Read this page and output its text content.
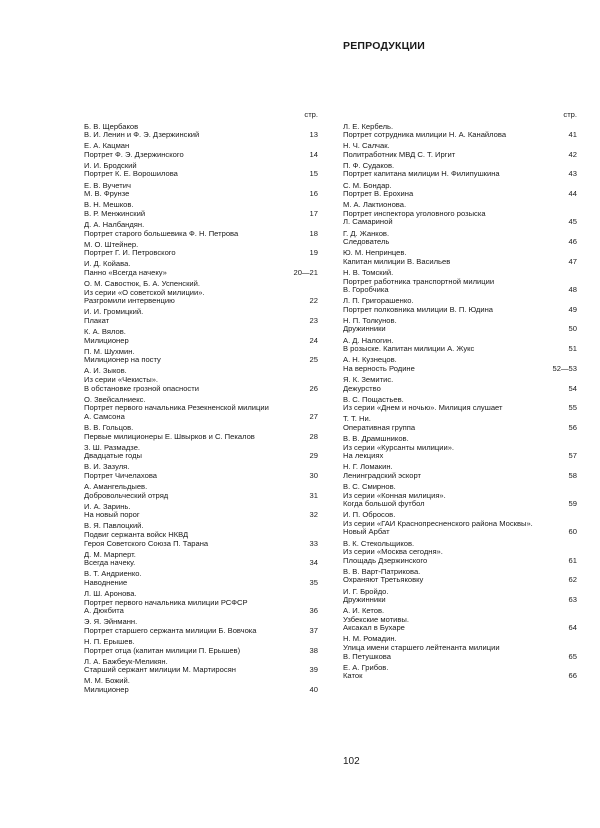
РЕПРОДУКЦИИ
стр.
Б. В. Щербаков
В. И. Ленин и Ф. Э. Дзержинский	13
Е. А. Кацман
Портрет Ф. Э. Дзержинского	14
И. И. Бродский
Портрет К. Е. Ворошилова	15
Е. В. Вучетич
М. В. Фрунзе	16
В. Н. Мешков.
В. Р. Менжинский	17
Д. А. Налбандян.
Портрет старого большевика Ф. Н. Петрова	18
М. О. Штейнер.
Портрет Г. И. Петровского	19
И. Д. Койава.
Панно «Всегда начеку»	20—21
О. М. Савостюк, Б. А. Успенский.
Из серии «О советской милиции».
Разгромили интервенцию	22
И. И. Громицкий.
Плакат	23
К. А. Вялов.
Милиционер	24
П. М. Шухмин.
Милиционер на посту	25
А. И. Зыков.
Из серии «Чекисты».
В обстановке грозной опасности	26
О. Звейсалниекс.
Портрет первого начальника Резекненской милиции
А. Самсона	27
В. В. Гольцов.
Первые милиционеры Е. Швырков и С. Пекалов	28
З. Ш. Размадзе.
Двадцатые годы	29
В. И. Зазуля.
Портрет Чичелахова	30
А. Амангельдыев.
Добровольческий отряд	31
И. А. Заринь.
На новый порог	32
В. Я. Павлоцкий.
Подвиг сержанта войск НКВД
Героя Советского Союза П. Тарана	33
Д. М. Марперт.
Всегда начеку.	34
В. Т. Андриенко.
Наводнение	35
Л. Ш. Аронова.
Портрет первого начальника милиции РСФСР
А. Дюкбита	36
Э. Я. Эйнманн.
Портрет старшего сержанта милиции Б. Вовчока	37
Н. П. Ерышев.
Портрет отца (капитан милиции П. Ерышев)	38
Л. А. Бажбеук-Меликян.
Старший сержант милиции М. Мартиросян	39
М. М. Божий.
Милиционер	40
стр.
Л. Е. Кербель.
Портрет сотрудника милиции Н. А. Канайлова	41
Н. Ч. Салчак.
Политработник МВД С. Т. Иргит	42
П. Ф. Судаков.
Портрет капитана милиции Н. Филипушкина	43
С. М. Бондар.
Портрет В. Ерохина	44
М. А. Лактионова.
Портрет инспектора уголовного розыска
Л. Самариной	45
Г. Д. Жанков.
Следователь	46
Ю. М. Непринцев.
Капитан милиции В. Васильев	47
Н. В. Томский.
Портрет работника транспортной милиции
В. Горобчика	48
Л. П. Григорашенко.
Портрет полковника милиции В. П. Юдина	49
Н. П. Толкунов.
Дружинники	50
А. Д. Налогин.
В розыске. Капитан милиции А. Жукс	51
А. Н. Кузнецов.
На верность Родине	52—53
Я. К. Земитис.
Дежурство	54
В. С. Пощастьев.
Из серии «Днем и ночью». Милиция слушает	55
Т. Т. Ни.
Оперативная группа	56
В. В. Драмшников.
Из серии «Курсанты милиции».
На лекциях	57
Н. Г. Ломакин.
Ленинградский эскорт	58
В. С. Смирнов.
Из серии «Конная милиция».
Когда большой футбол	59
И. П. Обросов.
Из серии «ГАИ Краснопресненского района Москвы».
Новый Арбат	60
В. К. Стекольщиков.
Из серии «Москва сегодня».
Площадь Дзержинского	61
В. В. Варт-Патрикова.
Охраняют Третьяковку	62
И. Г. Бройдо.
Дружинники	63
А. И. Кетов.
Узбекские мотивы.
Аксакал в Бухаре	64
Н. М. Ромадин.
Улица имени старшего лейтенанта милиции
В. Петушкова	65
Е. А. Грибов.
Каток	66
102
